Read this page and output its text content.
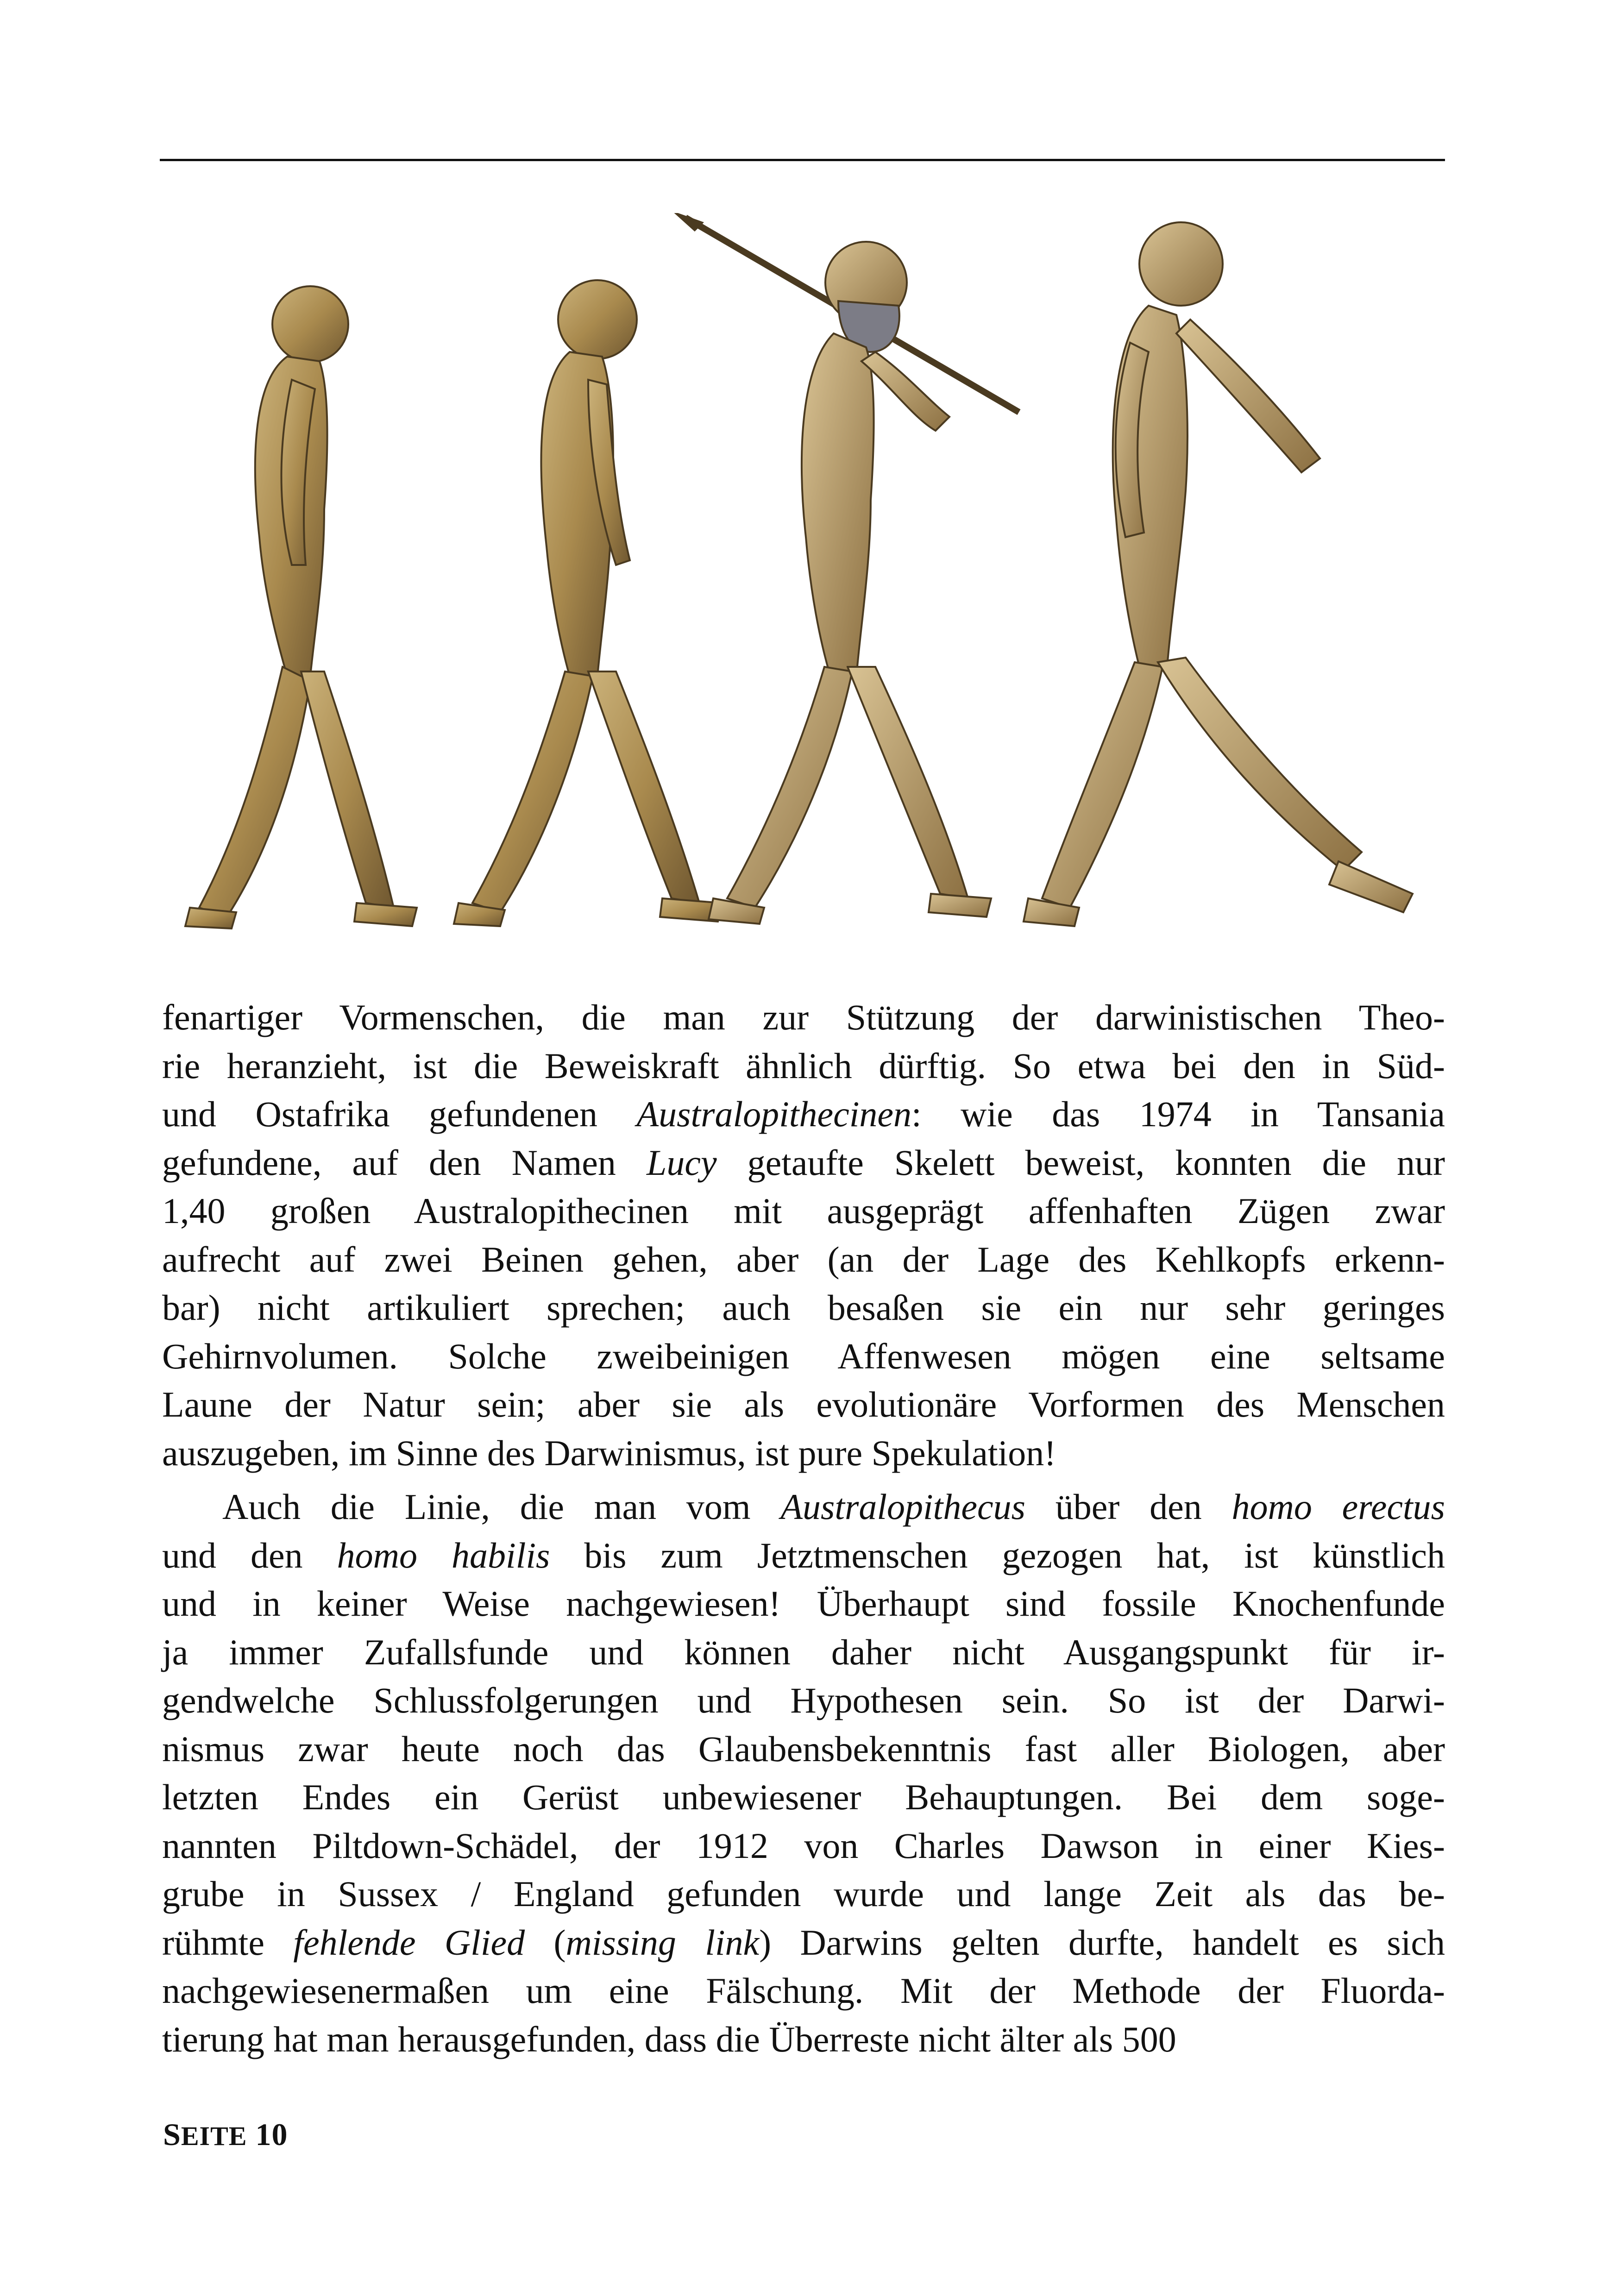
fenartiger Vormenschen, die man zur Stützung der darwinistischen Theo-
rie heranzieht, ist die Beweiskraft ähnlich dürftig. So etwa bei den in Süd-
und Ostafrika gefundenen Australopithecinen: wie das 1974 in Tansania
gefundene, auf den Namen Lucy getaufte Skelett beweist, konnten die nur
1,40 großen Australopithecinen mit ausgeprägt affenhaften Zügen zwar
aufrecht auf zwei Beinen gehen, aber (an der Lage des Kehlkopfs erkenn-
bar) nicht artikuliert sprechen; auch besaßen sie ein nur sehr geringes
Gehirnvolumen. Solche zweibeinigen Affenwesen mögen eine seltsame
Laune der Natur sein; aber sie als evolutionäre Vorformen des Menschen
auszugeben, im Sinne des Darwinismus, ist pure Spekulation!
Auch die Linie, die man vom Australopithecus über den homo erectus
und den homo habilis bis zum Jetztmenschen gezogen hat, ist künstlich
und in keiner Weise nachgewiesen! Überhaupt sind fossile Knochenfunde
ja immer Zufallsfunde und können daher nicht Ausgangspunkt für ir-
gendwelche Schlussfolgerungen und Hypothesen sein. So ist der Darwi-
nismus zwar heute noch das Glaubensbekenntnis fast aller Biologen, aber
letzten Endes ein Gerüst unbewiesener Behauptungen. Bei dem soge-
nannten Piltdown-Schädel, der 1912 von Charles Dawson in einer Kies-
grube in Sussex / England gefunden wurde und lange Zeit als das be-
rühmte fehlende Glied (missing link) Darwins gelten durfte, handelt es sich
nachgewiesenermaßen um eine Fälschung. Mit der Methode der Fluorda-
tierung hat man herausgefunden, dass die Überreste nicht älter als 500
SEITE 10
